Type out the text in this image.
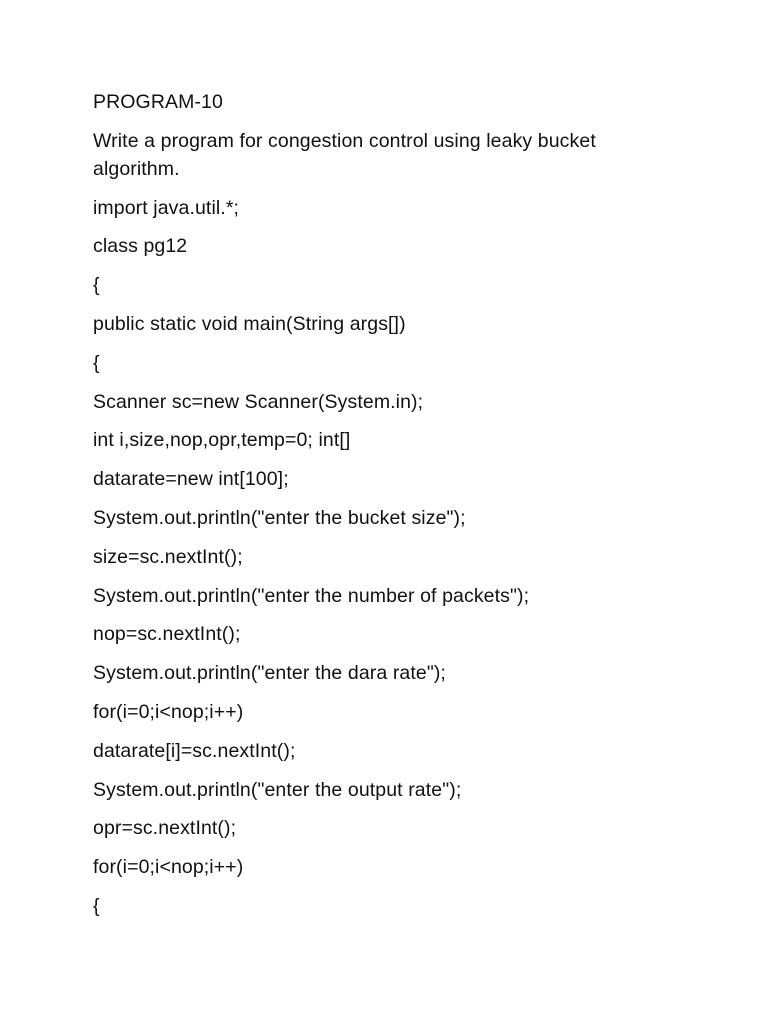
PROGRAM-10
Write a program for congestion control using leaky bucket algorithm.
import java.util.*;
class pg12
{
public static void main(String args[])
{
Scanner sc=new Scanner(System.in);
int i,size,nop,opr,temp=0; int[]
datarate=new int[100];
System.out.println("enter the bucket size");
size=sc.nextInt();
System.out.println("enter the number of packets");
nop=sc.nextInt();
System.out.println("enter the dara rate");
for(i=0;i<nop;i++)
datarate[i]=sc.nextInt();
System.out.println("enter the output rate");
opr=sc.nextInt();
for(i=0;i<nop;i++)
{
